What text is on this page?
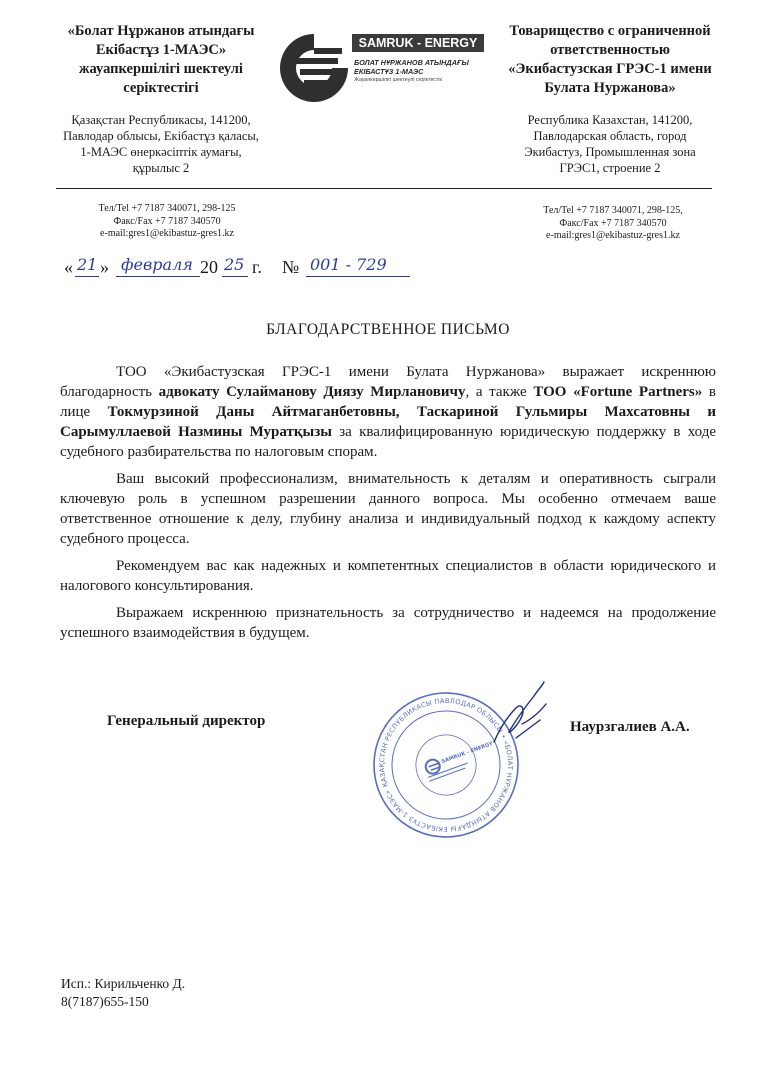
«Болат Нұржанов атындағы
Екібастұз 1-МАЭС»
жауапкершілігі шектеулі
серіктестігі
Қазақстан Республикасы, 141200,
Павлодар облысы, Екібастұз қаласы,
1-МАЭС өнеркәсіптік аумағы,
құрылыс 2
SAMRUK - ENERGY
БОЛАТ НҰРЖАНОВ АТЫНДАҒЫ
ЕКІБАСТҰЗ 1-МАЭС
Жауапкершілігі шектеулі серіктестік
Товарищество с ограниченной
ответственностью
«Экибастузская ГРЭС-1 имени
Булата Нуржанова»
Республика Казахстан, 141200,
Павлодарская область, город
Экибастуз, Промышленная зона
ГРЭС1, строение 2
Тел/Tel +7 7187 340071, 298-125
Факс/Fax +7 7187 340570
e-mail:gres1@ekibastuz-gres1.kz
Тел/Tel +7 7187 340071, 298-125,
Факс/Fax +7 7187 340570
e-mail:gres1@ekibastuz-gres1.kz
« 21 » февраля 20 25 г. № 001 - 729
БЛАГОДАРСТВЕННОЕ ПИСЬМО

ТОО «Экибастузская ГРЭС-1 имени Булата Нуржанова» выражает искреннюю благодарность адвокату Сулайманову Диязу Мирлановичу, а также ТОО «Fortune Partners» в лице Токмурзиной Даны Айтмаганбетовны, Таскариной Гульмиры Махсатовны и Сарымуллаевой Назмины Муратқызы за квалифицированную юридическую поддержку в ходе судебного разбирательства по налоговым спорам.

Ваш высокий профессионализм, внимательность к деталям и оперативность сыграли ключевую роль в успешном разрешении данного вопроса. Мы особенно отмечаем ваше ответственное отношение к делу, глубину анализа и индивидуальный подход к каждому аспекту судебного процесса.

Рекомендуем вас как надежных и компетентных специалистов в области юридического и налогового консультирования.

Выражаем искреннюю признательность за сотрудничество и надеемся на продолжение успешного взаимодействия в будущем.

Генеральный директор
ҚАЗАҚСТАН РЕСПУБЛИКАСЫ ПАВЛОДАР ОБЛЫСЫ • «БОЛАТ НҰРЖАНОВ АТЫНДАҒЫ ЕКІБАСТҰЗ 1-МАЭС»
SAMRUK - ENERGY
Наурзгалиев А.А.
Исп.: Кирильченко Д.
8(7187)655-150
